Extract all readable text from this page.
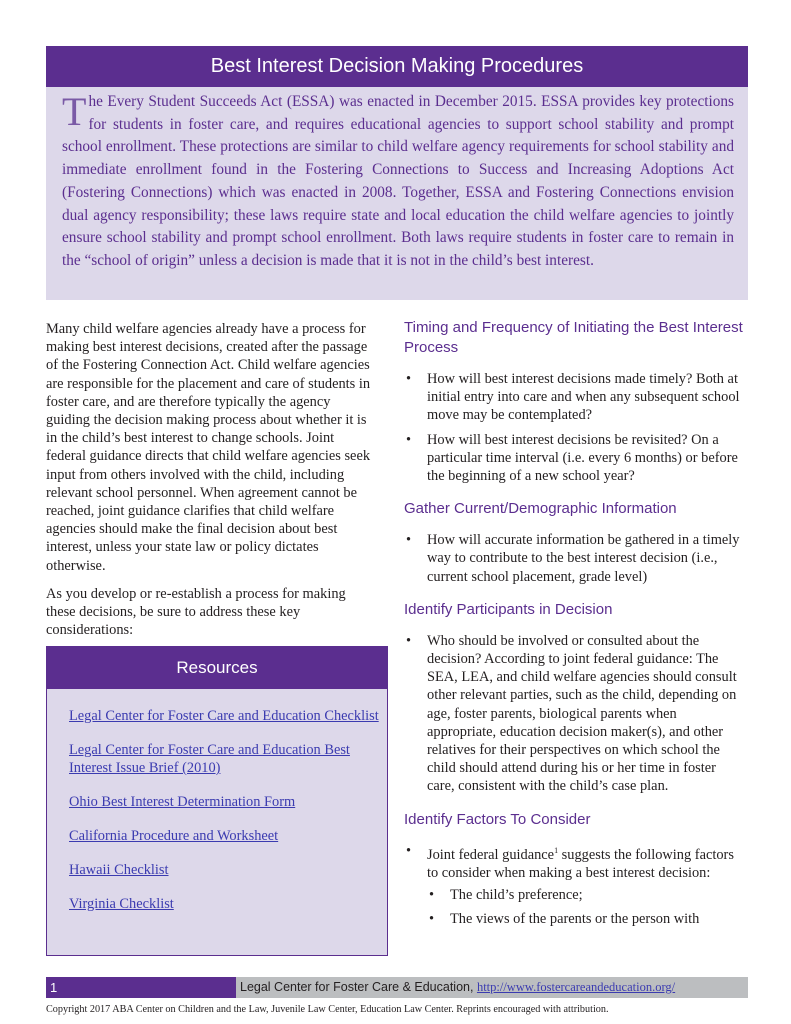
Best Interest Decision Making Procedures

The Every Student Succeeds Act (ESSA) was enacted in December 2015. ESSA provides key protections for students in foster care, and requires educational agencies to support school stability and prompt school enrollment. These protections are similar to child welfare agency requirements for school stability and immediate enrollment found in the Fostering Connections to Success and Increasing Adoptions Act (Fostering Connections) which was enacted in 2008. Together, ESSA and Fostering Connections envision dual agency responsibility; these laws require state and local education the child welfare agencies to jointly ensure school stability and prompt school enrollment. Both laws require students in foster care to remain in the “school of origin” unless a decision is made that it is not in the child’s best interest.

Many child welfare agencies already have a process for making best interest decisions, created after the passage of the Fostering Connection Act. Child welfare agencies are responsible for the placement and care of students in foster care, and are therefore typically the agency guiding the decision making process about whether it is in the child’s best interest to change schools. Joint federal guidance directs that child welfare agencies seek input from others involved with the child, including relevant school personnel. When agreement cannot be reached, joint guidance clarifies that child welfare agencies should make the final decision about best interest, unless your state law or policy dictates otherwise.

As you develop or re-establish a process for making these decisions, be sure to address these key considerations:

Resources
Legal Center for Foster Care and Education Checklist
Legal Center for Foster Care and Education Best Interest Issue Brief (2010)
Ohio Best Interest Determination Form
California Procedure and Worksheet
Hawaii Checklist
Virginia Checklist
Timing and Frequency of Initiating the Best Interest Process
• How will best interest decisions made timely? Both at initial entry into care and when any subsequent school move may be contemplated?
• How will best interest decisions be revisited? On a particular time interval (i.e. every 6 months) or before the beginning of a new school year?
Gather Current/Demographic Information
• How will accurate information be gathered in a timely way to contribute to the best interest decision (i.e., current school placement, grade level)
Identify Participants in Decision
• Who should be involved or consulted about the decision? According to joint federal guidance: The SEA, LEA, and child welfare agencies should consult other relevant parties, such as the child, depending on age, foster parents, biological parents when appropriate, education decision maker(s), and other relatives for their perspectives on which school the child should attend during his or her time in foster care, consistent with the child’s case plan.
Identify Factors To Consider
• Joint federal guidance$^1$ suggests the following factors to consider when making a best interest decision:
• The child’s preference;
• The views of the parents or the person with
1	Legal Center for Foster Care & Education, http://www.fostercareandeducation.org/
Copyright 2017 ABA Center on Children and the Law, Juvenile Law Center, Education Law Center. Reprints encouraged with attribution.
